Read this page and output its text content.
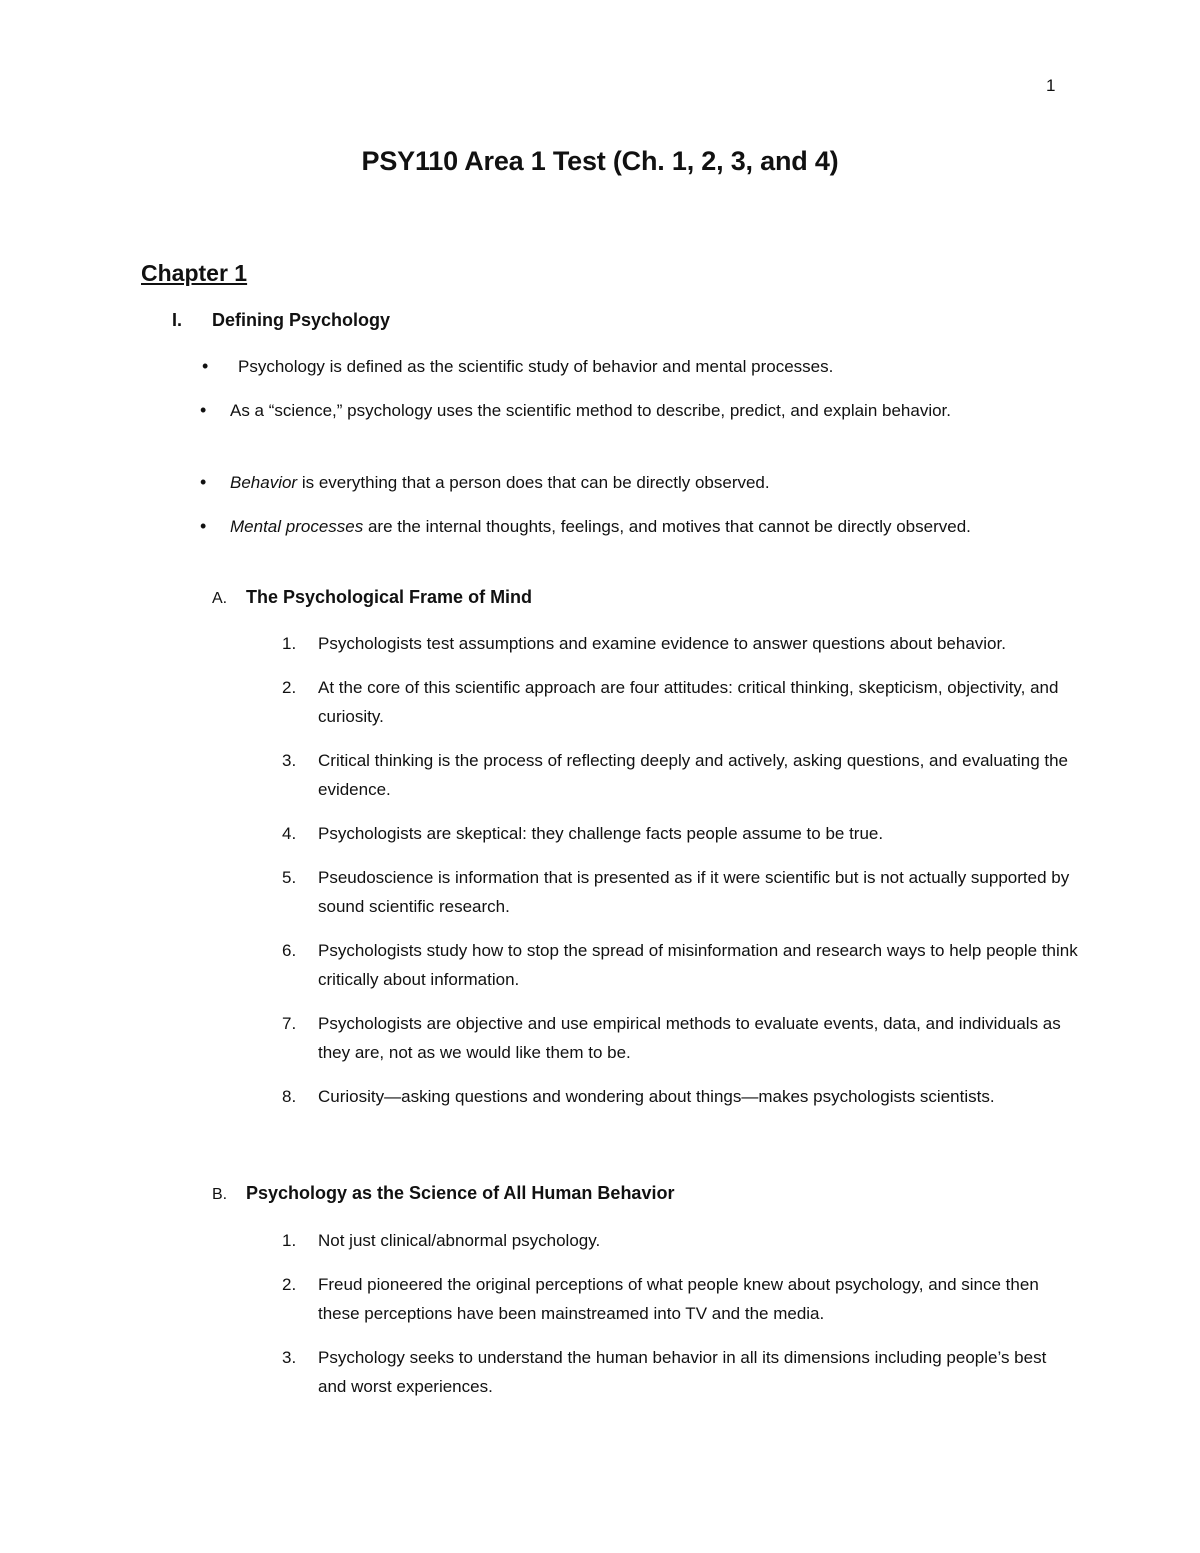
1
PSY110 Area 1 Test (Ch. 1, 2, 3, and 4)
Chapter 1
I. Defining Psychology
• Psychology is defined as the scientific study of behavior and mental processes.
• As a “science,” psychology uses the scientific method to describe, predict, and explain behavior.
• Behavior is everything that a person does that can be directly observed.
• Mental processes are the internal thoughts, feelings, and motives that cannot be directly observed.
A. The Psychological Frame of Mind
1. Psychologists test assumptions and examine evidence to answer questions about behavior.
2. At the core of this scientific approach are four attitudes: critical thinking, skepticism, objectivity, and curiosity.
3. Critical thinking is the process of reflecting deeply and actively, asking questions, and evaluating the evidence.
4. Psychologists are skeptical: they challenge facts people assume to be true.
5. Pseudoscience is information that is presented as if it were scientific but is not actually supported by sound scientific research.
6. Psychologists study how to stop the spread of misinformation and research ways to help people think critically about information.
7. Psychologists are objective and use empirical methods to evaluate events, data, and individuals as they are, not as we would like them to be.
8. Curiosity—asking questions and wondering about things—makes psychologists scientists.
B. Psychology as the Science of All Human Behavior
1. Not just clinical/abnormal psychology.
2. Freud pioneered the original perceptions of what people knew about psychology, and since then these perceptions have been mainstreamed into TV and the media.
3. Psychology seeks to understand the human behavior in all its dimensions including people’s best and worst experiences.
